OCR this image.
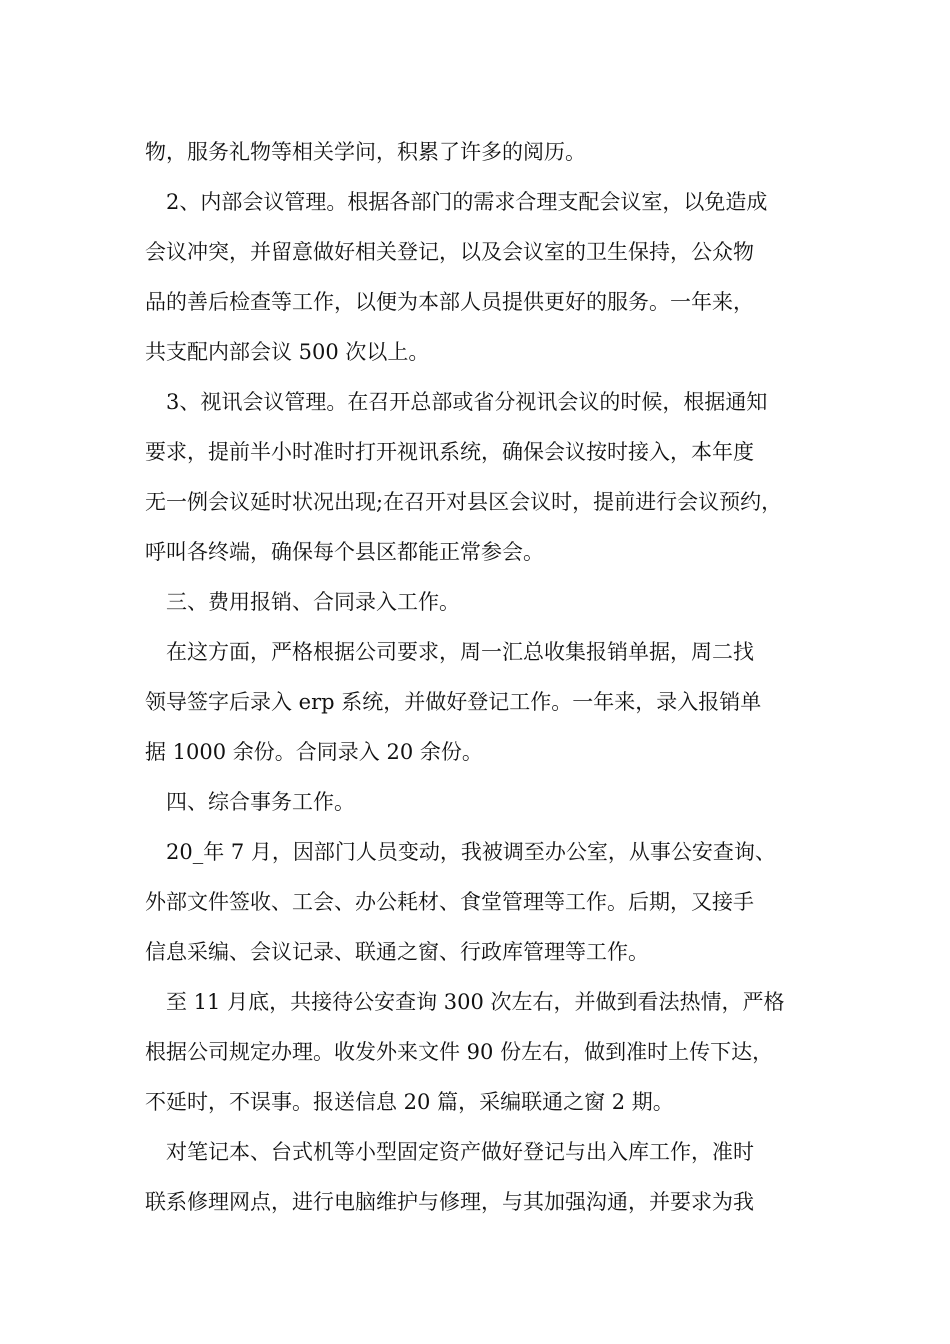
物，服务礼物等相关学问，积累了许多的阅历。
2、内部会议管理。根据各部门的需求合理支配会议室，以免造成
会议冲突，并留意做好相关登记，以及会议室的卫生保持，公众物
品的善后检查等工作，以便为本部人员提供更好的服务。一年来，
共支配内部会议 500 次以上。
3、视讯会议管理。在召开总部或省分视讯会议的时候，根据通知
要求，提前半小时准时打开视讯系统，确保会议按时接入，本年度
无一例会议延时状况出现;在召开对县区会议时，提前进行会议预约，
呼叫各终端，确保每个县区都能正常参会。
三、费用报销、合同录入工作。
在这方面，严格根据公司要求，周一汇总收集报销单据，周二找
领导签字后录入 erp 系统，并做好登记工作。一年来，录入报销单
据 1000 余份。合同录入 20 余份。
四、综合事务工作。
20_年 7 月，因部门人员变动，我被调至办公室，从事公安查询、
外部文件签收、工会、办公耗材、食堂管理等工作。后期，又接手
信息采编、会议记录、联通之窗、行政库管理等工作。
至 11 月底，共接待公安查询 300 次左右，并做到看法热情，严格
根据公司规定办理。收发外来文件 90 份左右，做到准时上传下达，
不延时，不误事。报送信息 20 篇，采编联通之窗 2 期。
对笔记本、台式机等小型固定资产做好登记与出入库工作，准时
联系修理网点，进行电脑维护与修理，与其加强沟通，并要求为我
